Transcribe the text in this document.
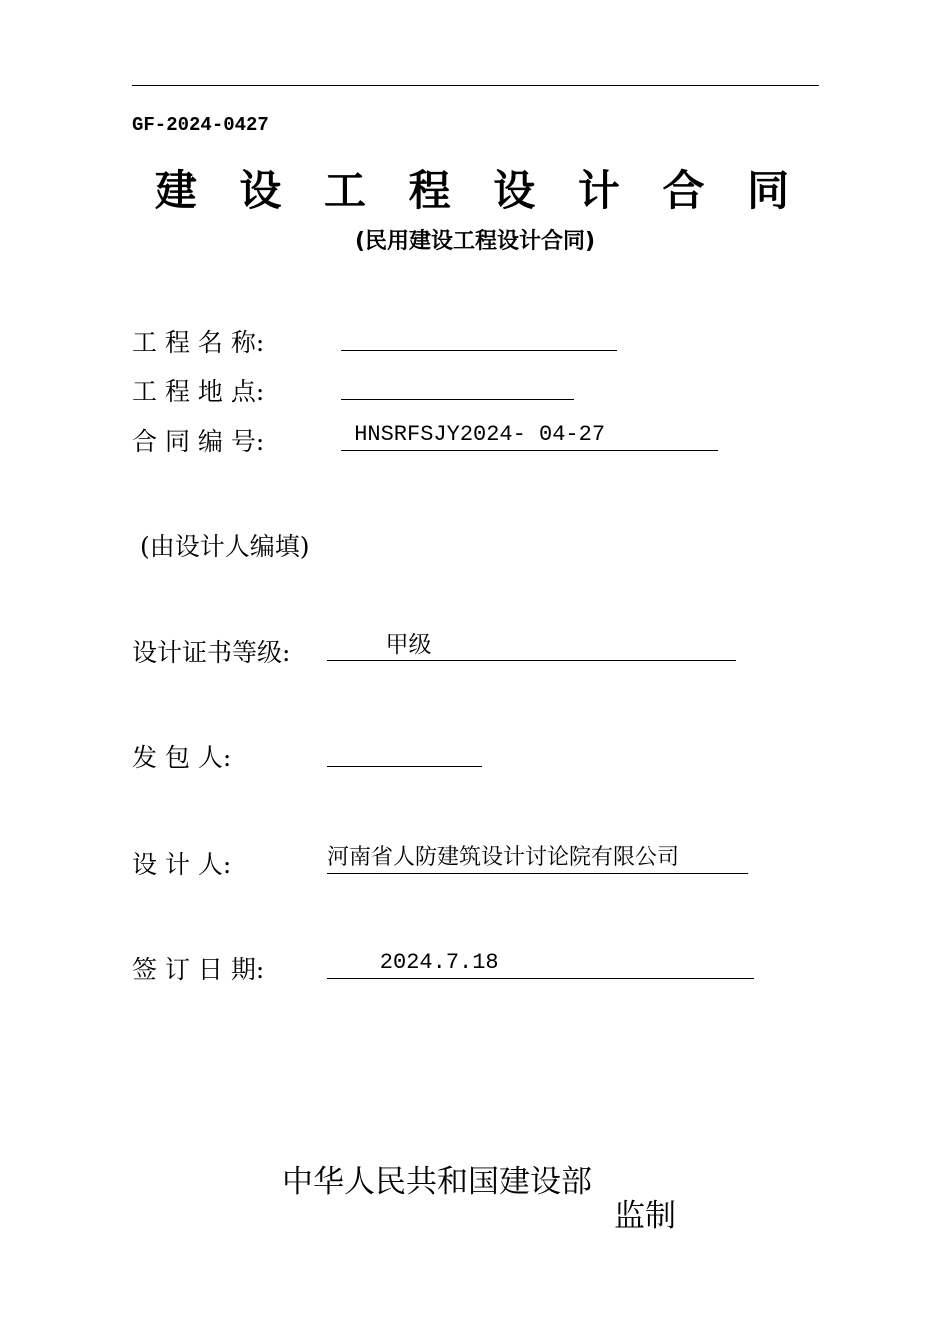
GF-2024-0427
建 设 工 程 设 计 合 同
(民用建设工程设计合同)
工 程 名 称:
工 程 地 点:
合 同 编 号:	HNSRFSJY2024- 04-27
(由设计人编填)
设计证书等级: 甲级
发 包 人:
设 计 人:	河南省人防建筑设计讨论院有限公司
签 订 日 期:	2024.7.18
中华人民共和国建设部
监制
